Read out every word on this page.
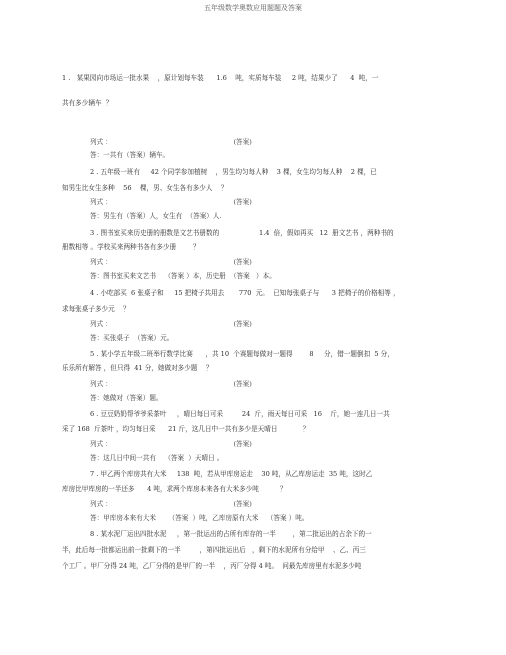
五年级数学奥数应用题题及答案
1 .   某果园向市场运一批水果    ，原计划每车装      1.6    吨，实质每车装     2 吨，结果少了      4  吨，一
共有多少辆车  ？
列式 ：                                                          (答案)
答：一共有（答案）辆车。
2 . 五年级一班有     42 个同学参加植树    ，男生均匀每人种    3 棵，女生均匀每人种    2 棵，已
知男生比女生多种    56    棵，男、女生各有多少人    ？
列式 ：                                                          (答案)
答：男生有（答案）人，女生有  （答案）人.
3 . 图书室买来历史册的册数是文艺书册数的                   1.4  倍，假如再买   12  册文艺书 ，两种书的
册数相等 。学校买来两种书各有多少册        ？
列式 ：                                                          (答案)
答：图书室买来文艺书    （答案 ）本，历史册  （答案   ）本。
4 . 小吃部买  6 张桌子和     15 把椅子共用去       770  元。  已知每张桌子与      3 把椅子的价格相等 ，
求每张桌子多少元    ？
列式 ：                                                          (答案)
答：买张桌子  （答案）元。
5 . 某小学五年级二班举行数学比赛      ，共 10  个赛题每做对一题得        8     分，错一题倒扣  5 分，
乐乐所有解答 ，但只得  41 分，她做对多少题    ？
列式 ：                                                          (答案)
答：她做对（答案）题。
6 . 豆豆奶奶帮爷爷采茶叶     ，晴日每日可采         24  斤，雨天每日可采   16    斤，她一连几日一共
采了 168  斤茶叶 ，均匀每日采      21 斤，这几日中一共有多少是天晴日            ？
列式 ：                                                          (答案)
答：这几日中间一共有    （答案  ）天晴日 。
7 . 甲乙两个库房共有大米     138  吨，若从甲库房运走    30 吨，从乙库房运走  35 吨，这时乙
库房比甲库房的一半还多      4 吨，求两个库房本来各有大米多少吨          ？
列式 ：                                                          (答案)
答：甲库房本来有大米      （答案  ）吨，乙库房原有大米    （答案 ）吨。
8 . 某水泥厂运出四批水泥     ，第一批运出的占所有库存的一半        ，第二批运出的占余下的一
半，此后每一批都运出前一批剩下的一半         ，第四批运出后   ，剩下的水泥所有分给甲    、乙、丙三
个工厂 。甲厂分得 24 吨，乙厂分得的是甲厂的一半    ，丙厂分得 4 吨。  问最先库房里有水泥多少吨
